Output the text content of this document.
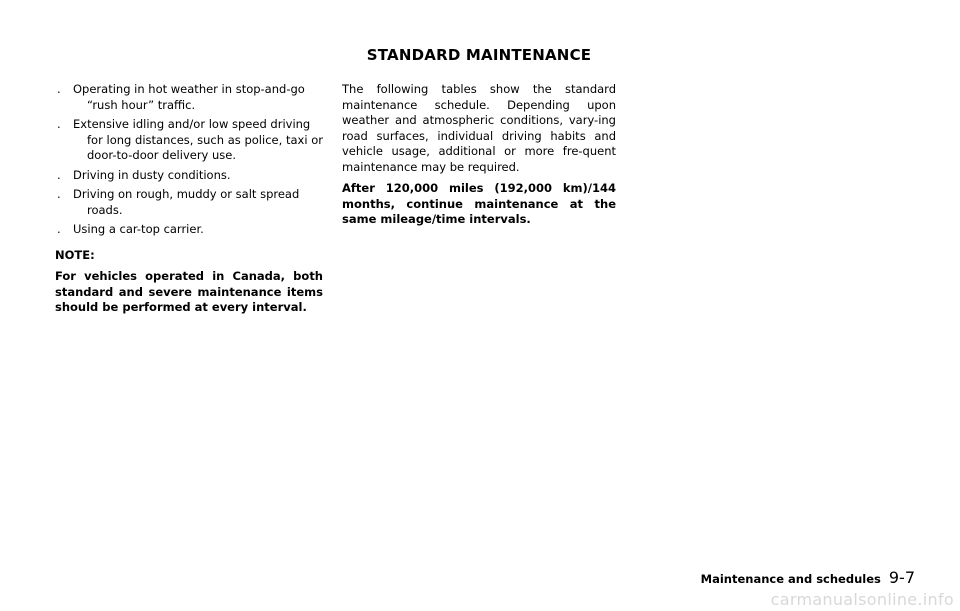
STANDARD MAINTENANCE
. Operating in hot weather in stop-and-go
“rush hour” traffic.
. Extensive idling and/or low speed driving

for long distances, such as police, taxi or door-to-door delivery use.
. Driving in dusty conditions.
. Driving on rough, muddy or salt spread
roads.
. Using a car-top carrier.
NOTE:
For vehicles operated in Canada, both standard and severe maintenance items should be performed at every interval.

The following tables show the standard maintenance schedule. Depending upon weather and atmospheric conditions, vary-ing road surfaces, individual driving habits and vehicle usage, additional or more fre-quent maintenance may be required.

After 120,000 miles (192,000 km)/144 months, continue maintenance at the same mileage/time intervals.

Maintenance and schedules 9-7
carmanualsonline.info
